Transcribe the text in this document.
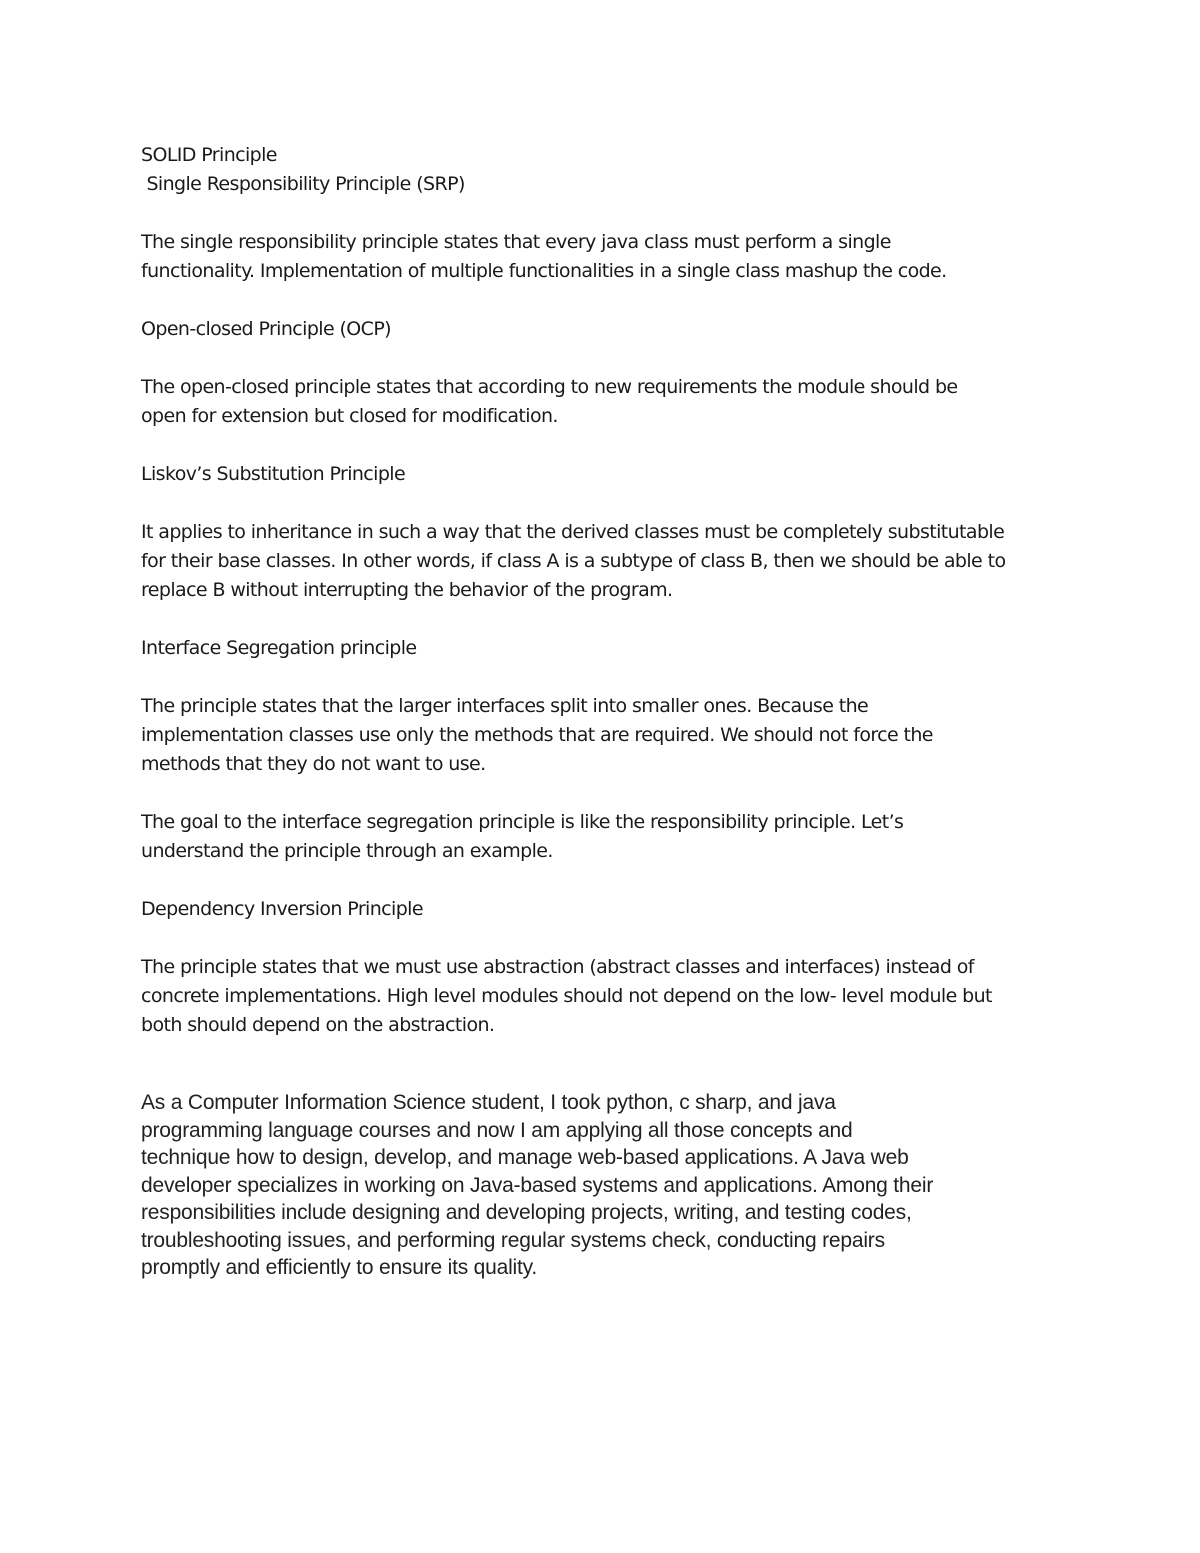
SOLID Principle

Single Responsibility Principle (SRP)

The single responsibility principle states that every java class must perform a single

functionality. Implementation of multiple functionalities in a single class mashup the code.

Open-closed Principle (OCP)

The open-closed principle states that according to new requirements the module should be

open for extension but closed for modification.

Liskov’s Substitution Principle

It applies to inheritance in such a way that the derived classes must be completely substitutable

for their base classes. In other words, if class A is a subtype of class B, then we should be able to

replace B without interrupting the behavior of the program.

Interface Segregation principle

The principle states that the larger interfaces split into smaller ones. Because the

implementation classes use only the methods that are required. We should not force the

methods that they do not want to use.

The goal to the interface segregation principle is like the responsibility principle. Let’s

understand the principle through an example.

Dependency Inversion Principle

The principle states that we must use abstraction (abstract classes and interfaces) instead of

concrete implementations. High level modules should not depend on the low- level module but

both should depend on the abstraction.

As a Computer Information Science student, I took python, c sharp, and java

programming language courses and now I am applying all those concepts and

technique how to design, develop, and manage web-based applications. A Java web

developer specializes in working on Java-based systems and applications. Among their

responsibilities include designing and developing projects, writing, and testing codes,

troubleshooting issues, and performing regular systems check, conducting repairs

promptly and efficiently to ensure its quality.
